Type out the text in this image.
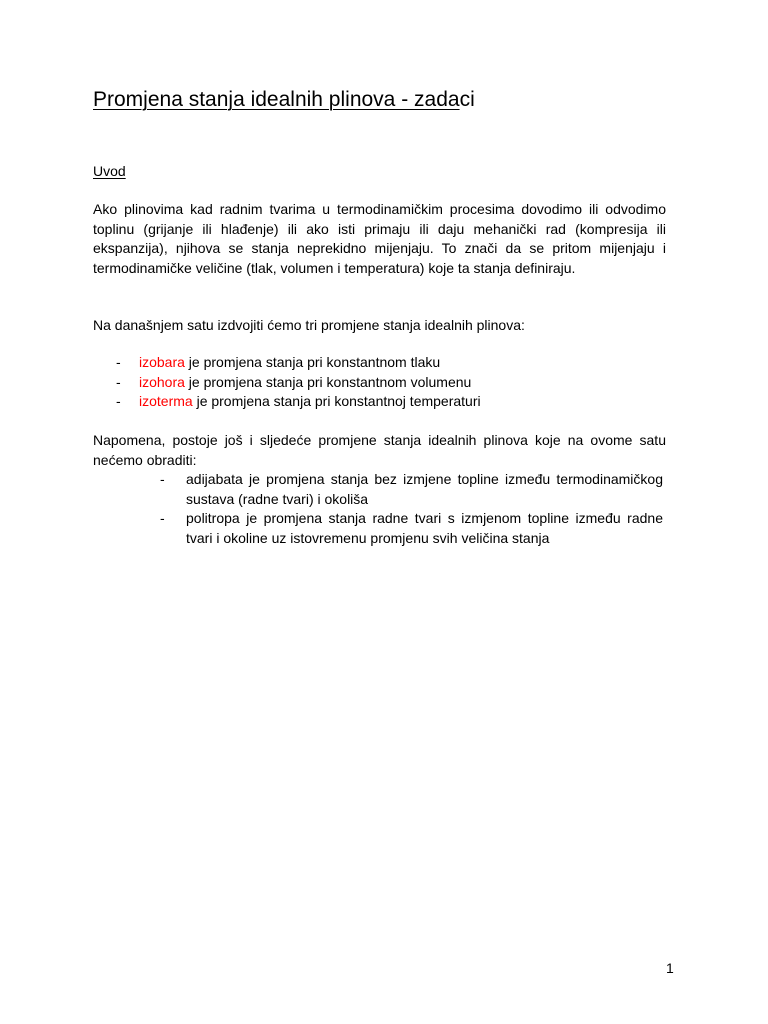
Promjena stanja idealnih plinova - zadaci
Uvod

Ako plinovima kad radnim tvarima u termodinamičkim procesima dovodimo ili odvodimo toplinu (grijanje ili hlađenje) ili ako isti primaju ili daju mehanički rad (kompresija ili ekspanzija), njihova se stanja neprekidno mijenjaju. To znači da se pritom mijenjaju i termodinamičke veličine (tlak, volumen i temperatura) koje ta stanja definiraju.

Na današnjem satu izdvojiti ćemo tri promjene stanja idealnih plinova:

- izobara je promjena stanja pri konstantnom tlaku
- izohora je promjena stanja pri konstantnom volumenu
- izoterma je promjena stanja pri konstantnoj temperaturi

Napomena, postoje još i sljedeće promjene stanja idealnih plinova koje na ovome satu nećemo obraditi:

- adijabata je promjena stanja bez izmjene topline između termodinamičkog sustava (radne tvari) i okoliša
- politropa je promjena stanja radne tvari s izmjenom topline između radne tvari i okoline uz istovremenu promjenu svih veličina stanja
1
